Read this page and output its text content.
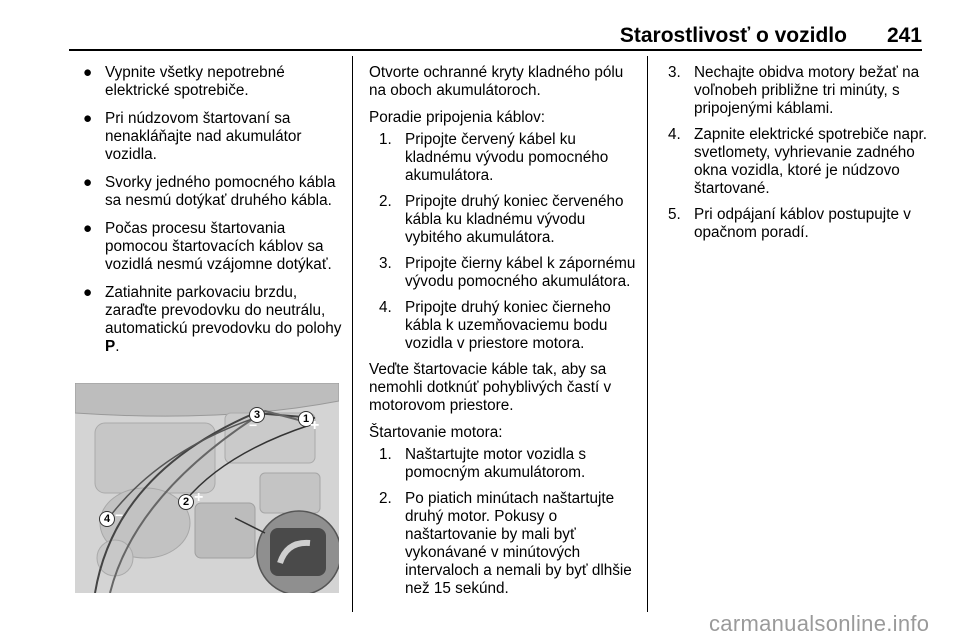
Starostlivosť o vozidlo 241
● Vypnite všetky nepotrebné elektrické spotrebiče.
● Pri núdzovom štartovaní sa nenakláňajte nad akumulátor vozidla.
● Svorky jedného pomocného kábla sa nesmú dotýkať druhého kábla.
● Počas procesu štartovania pomocou štartovacích káblov sa vozidlá nesmú vzájomne dotýkať.
● Zatiahnite parkovaciu brzdu, zaraďte prevodovku do neutrálu, automatickú prevodovku do polohy P.
3
−	1 +
2 +
4 −

Otvorte ochranné kryty kladného pólu na oboch akumulátoroch.

Poradie pripojenia káblov:

1. Pripojte červený kábel ku kladnému vývodu pomocného akumulátora.
2. Pripojte druhý koniec červeného kábla ku kladnému vývodu vybitého akumulátora.
3. Pripojte čierny kábel k zápornému vývodu pomocného akumulátora.
4. Pripojte druhý koniec čierneho kábla k uzemňovaciemu bodu vozidla v priestore motora.

Veďte štartovacie káble tak, aby sa nemohli dotknúť pohyblivých častí v motorovom priestore.

Štartovanie motora:

1. Naštartujte motor vozidla s pomocným akumulátorom.
2. Po piatich minútach naštartujte druhý motor. Pokusy o naštartovanie by mali byť vykonávané v minútových intervaloch a nemali by byť dlhšie než 15 sekúnd.
3. Nechajte obidva motory bežať na voľnobeh približne tri minúty, s pripojenými káblami.
4. Zapnite elektrické spotrebiče napr. svetlomety, vyhrievanie zadného okna vozidla, ktoré je núdzovo štartované.
5. Pri odpájaní káblov postupujte v opačnom poradí.
carmanualsonline.info
